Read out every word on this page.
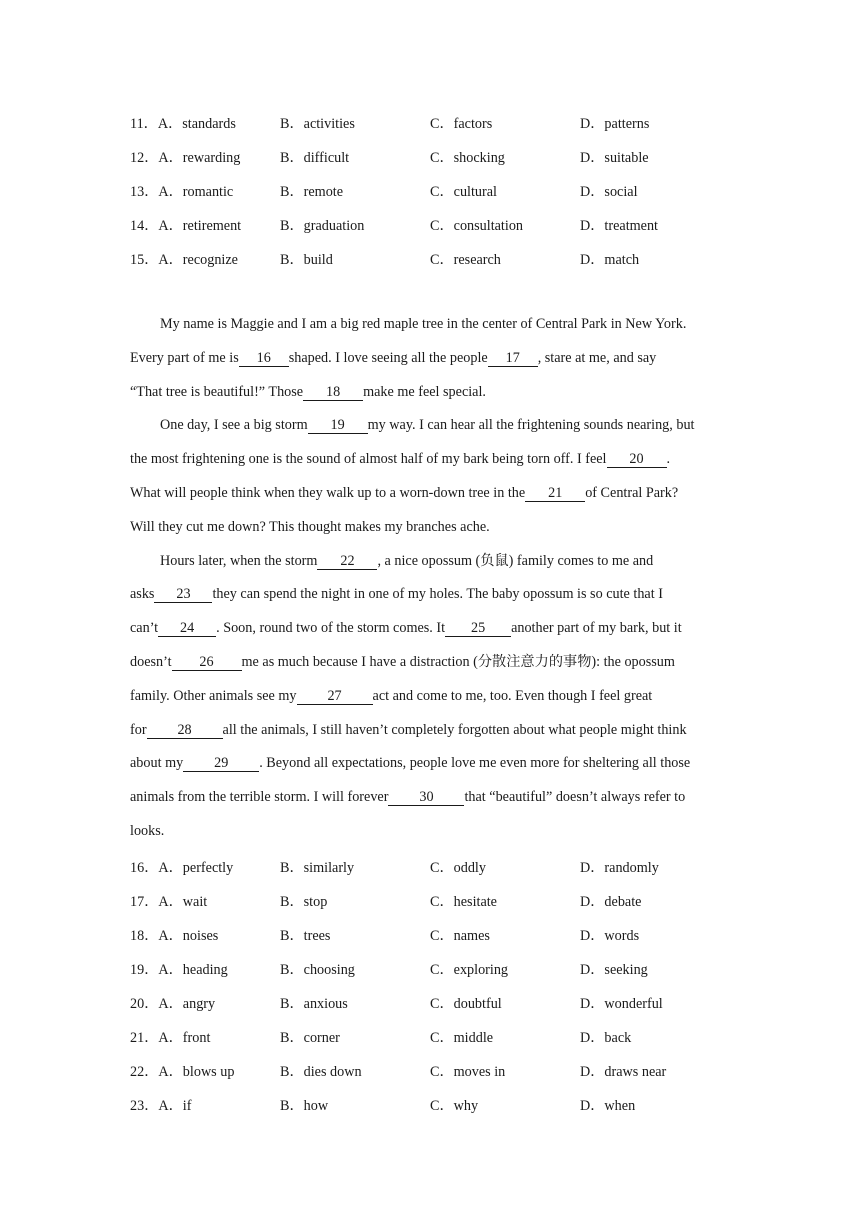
11．A．standards	B．activities	C．factors	D．patterns
12．A．rewarding	B．difficult	C．shocking	D．suitable
13．A．romantic	B．remote	C．cultural	D．social
14．A．retirement	B．graduation	C．consultation	D．treatment
15．A．recognize	B．build	C．research	D．match
My name is Maggie and I am a big red maple tree in the center of Central Park in New York.
Every part of me is 16 shaped. I love seeing all the people 17 , stare at me, and say
“That tree is beautiful!” Those 18 make me feel special.
One day, I see a big storm 19 my way. I can hear all the frightening sounds nearing, but
the most frightening one is the sound of almost half of my bark being torn off. I feel 20 .
What will people think when they walk up to a worn-down tree in the 21 of Central Park?
Will they cut me down? This thought makes my branches ache.
Hours later, when the storm 22 , a nice opossum (负鼠) family comes to me and
asks 23 they can spend the night in one of my holes. The baby opossum is so cute that I
can’t 24 . Soon, round two of the storm comes. It 25 another part of my bark, but it
doesn’t 26 me as much because I have a distraction (分散注意力的事物): the opossum
family. Other animals see my 27 act and come to me, too. Even though I feel great
for 28 all the animals, I still haven’t completely forgotten about what people might think
about my 29 . Beyond all expectations, people love me even more for sheltering all those
animals from the terrible storm. I will forever 30 that “beautiful” doesn’t always refer to
looks.
16．A．perfectly	B．similarly	C．oddly	D．randomly
17．A．wait	B．stop	C．hesitate	D．debate
18．A．noises	B．trees	C．names	D．words
19．A．heading	B．choosing	C．exploring	D．seeking
20．A．angry	B．anxious	C．doubtful	D．wonderful
21．A．front	B．corner	C．middle	D．back
22．A．blows up	B．dies down	C．moves in	D．draws near
23．A．if	B．how	C．why	D．when
